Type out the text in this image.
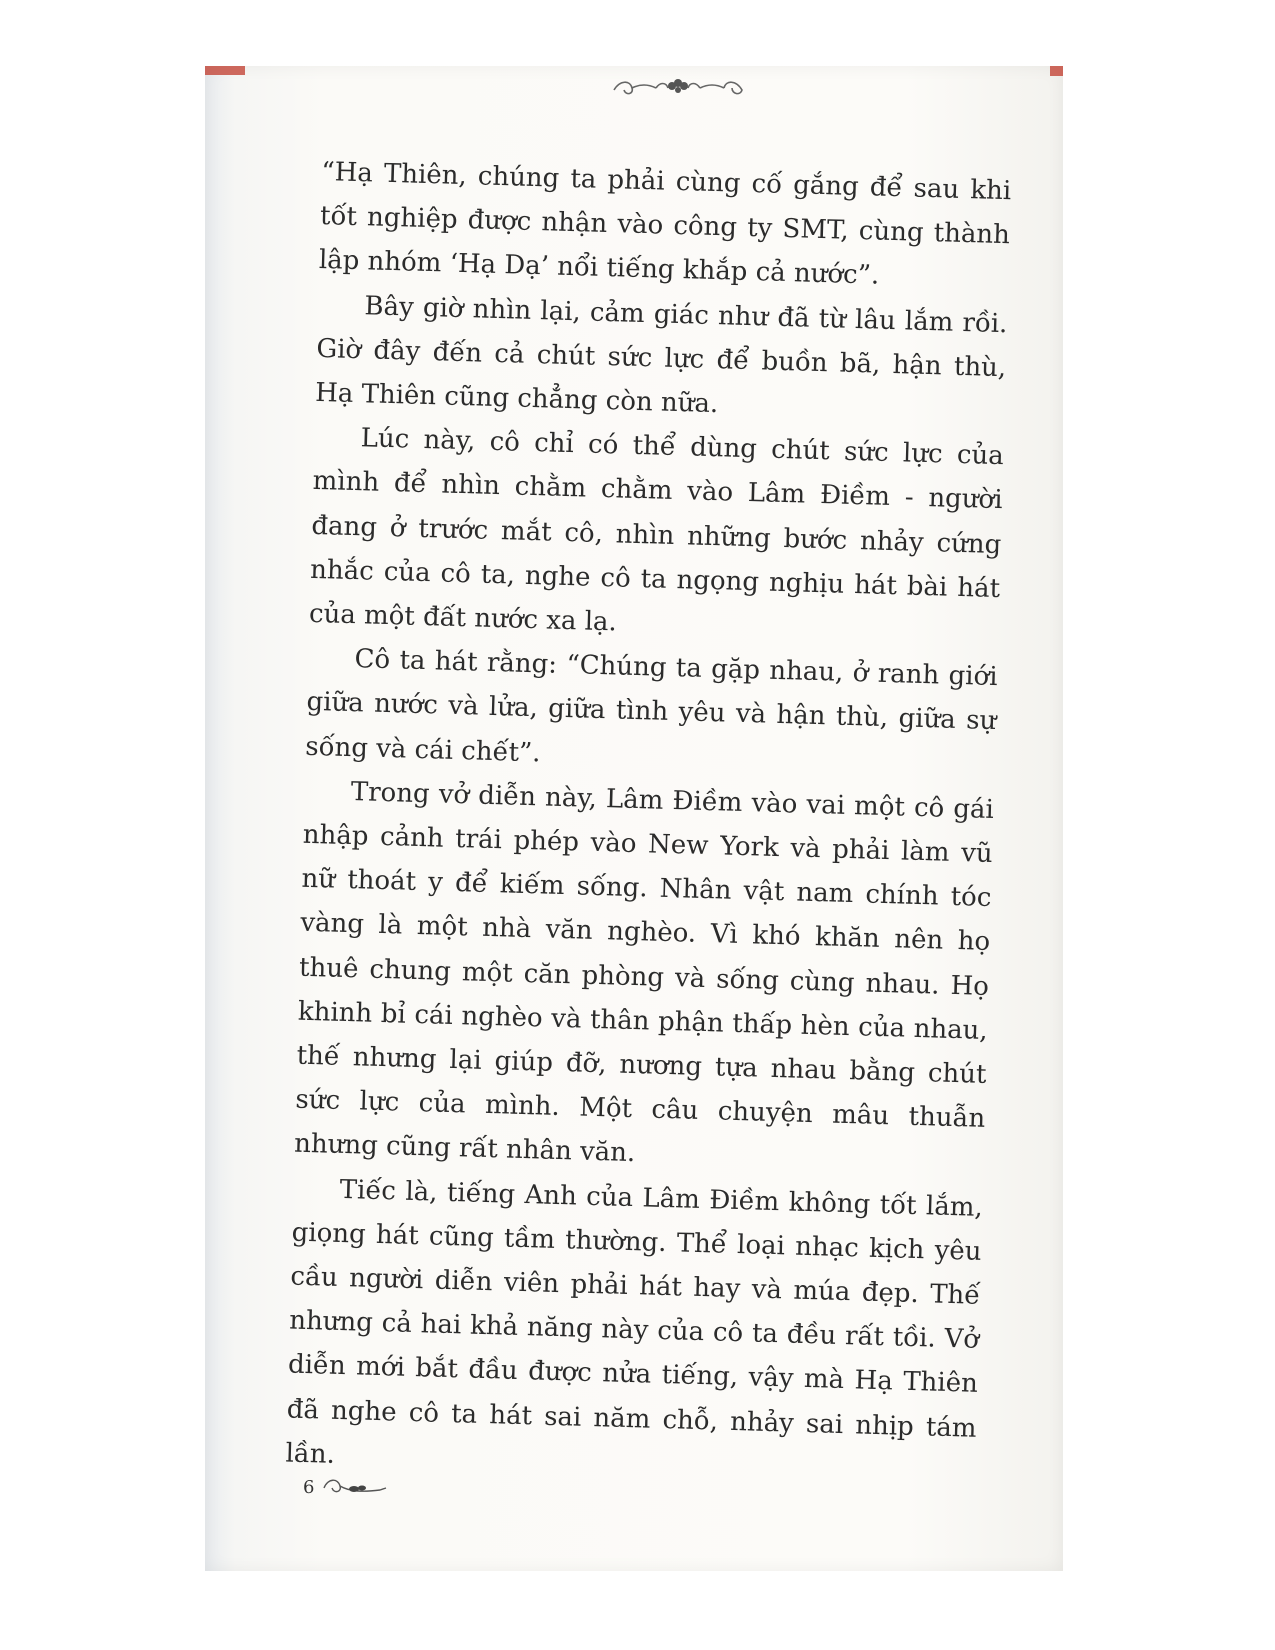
“Hạ Thiên, chúng ta phải cùng cố gắng để sau khi tốt nghiệp được nhận vào công ty SMT, cùng thành lập nhóm ‘Hạ Dạ’ nổi tiếng khắp cả nước”.

Bây giờ nhìn lại, cảm giác như đã từ lâu lắm rồi. Giờ đây đến cả chút sức lực để buồn bã, hận thù, Hạ Thiên cũng chẳng còn nữa.

Lúc này, cô chỉ có thể dùng chút sức lực của mình để nhìn chằm chằm vào Lâm Điềm - người đang ở trước mắt cô, nhìn những bước nhảy cứng nhắc của cô ta, nghe cô ta ngọng nghịu hát bài hát của một đất nước xa lạ.

Cô ta hát rằng: “Chúng ta gặp nhau, ở ranh giới giữa nước và lửa, giữa tình yêu và hận thù, giữa sự sống và cái chết”.

Trong vở diễn này, Lâm Điềm vào vai một cô gái nhập cảnh trái phép vào New York và phải làm vũ nữ thoát y để kiếm sống. Nhân vật nam chính tóc vàng là một nhà văn nghèo. Vì khó khăn nên họ thuê chung một căn phòng và sống cùng nhau. Họ khinh bỉ cái nghèo và thân phận thấp hèn của nhau, thế nhưng lại giúp đỡ, nương tựa nhau bằng chút sức lực của mình. Một câu chuyện mâu thuẫn nhưng cũng rất nhân văn.

Tiếc là, tiếng Anh của Lâm Điềm không tốt lắm, giọng hát cũng tầm thường. Thể loại nhạc kịch yêu cầu người diễn viên phải hát hay và múa đẹp. Thế nhưng cả hai khả năng này của cô ta đều rất tồi. Vở diễn mới bắt đầu được nửa tiếng, vậy mà Hạ Thiên đã nghe cô ta hát sai năm chỗ, nhảy sai nhịp tám lần.

6
